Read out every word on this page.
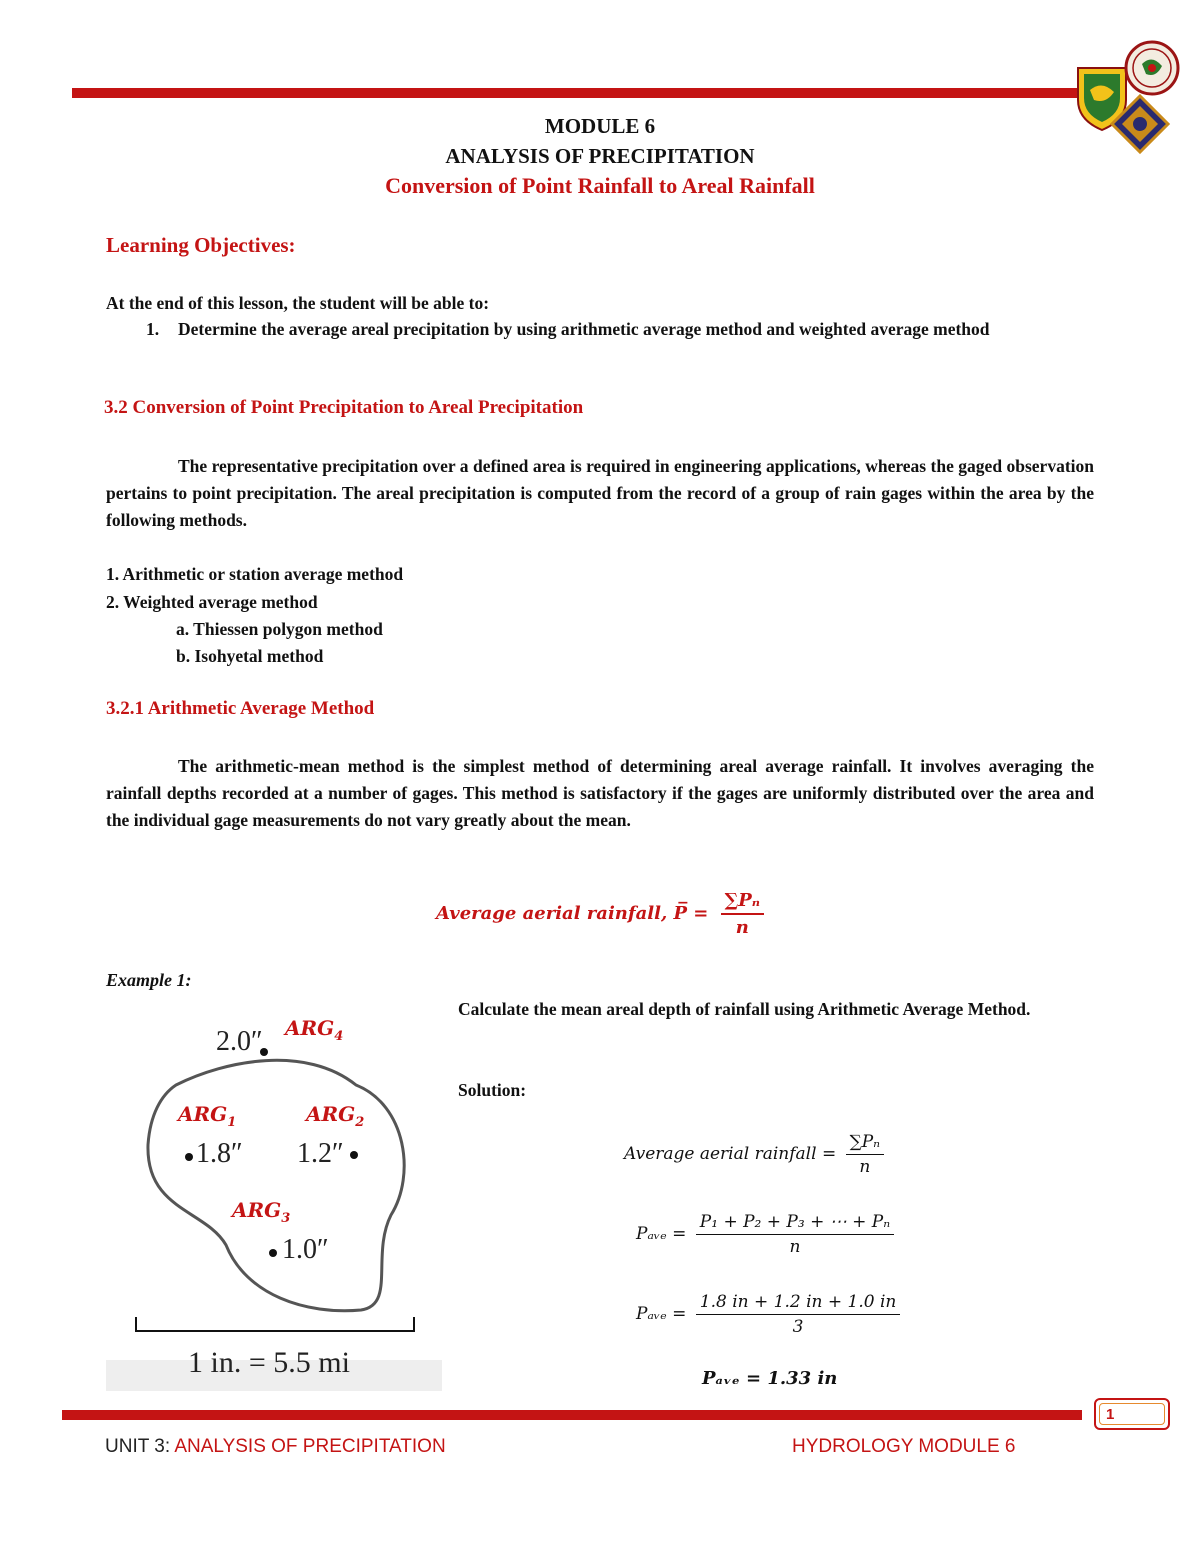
MODULE 6
ANALYSIS OF PRECIPITATION
Conversion of Point Rainfall to Areal Rainfall
Learning Objectives:
At the end of this lesson, the student will be able to:
1. Determine the average areal precipitation by using arithmetic average method and weighted average method
3.2 Conversion of Point Precipitation to Areal Precipitation
The representative precipitation over a defined area is required in engineering applications, whereas the gaged observation pertains to point precipitation. The areal precipitation is computed from the record of a group of rain gages within the area by the following methods.
1. Arithmetic or station average method
2. Weighted average method
a. Thiessen polygon method
b. Isohyetal method
3.2.1 Arithmetic Average Method
The arithmetic-mean method is the simplest method of determining areal average rainfall. It involves averaging the rainfall depths recorded at a number of gages. This method is satisfactory if the gages are uniformly distributed over the area and the individual gage measurements do not vary greatly about the mean.
Average aerial rainfall, P̅ = $\frac{\text{∑Pₙ}}{n}$
Example 1:
2.0″ $ARG_4$
$ARG_1$
1.8″
$ARG_2$
1.2″
$ARG_3$
1.0″
1 in. = 5.5 mi
Calculate the mean areal depth of rainfall using Arithmetic Average Method.
Solution:
Average aerial rainfall = $\frac{\text{∑Pₙ}}{n}$
Pₐᵥₑ = $\frac{\text{P₁ + P₂ + P₃ + ⋯ + Pₙ}}{n}$
Pₐᵥₑ = $\frac{1.8 in + 1.2 in + 1.0 in}{3}$
Pₐᵥₑ = 1.33 in
1
UNIT 3: ANALYSIS OF PRECIPITATION	HYDROLOGY MODULE 6
